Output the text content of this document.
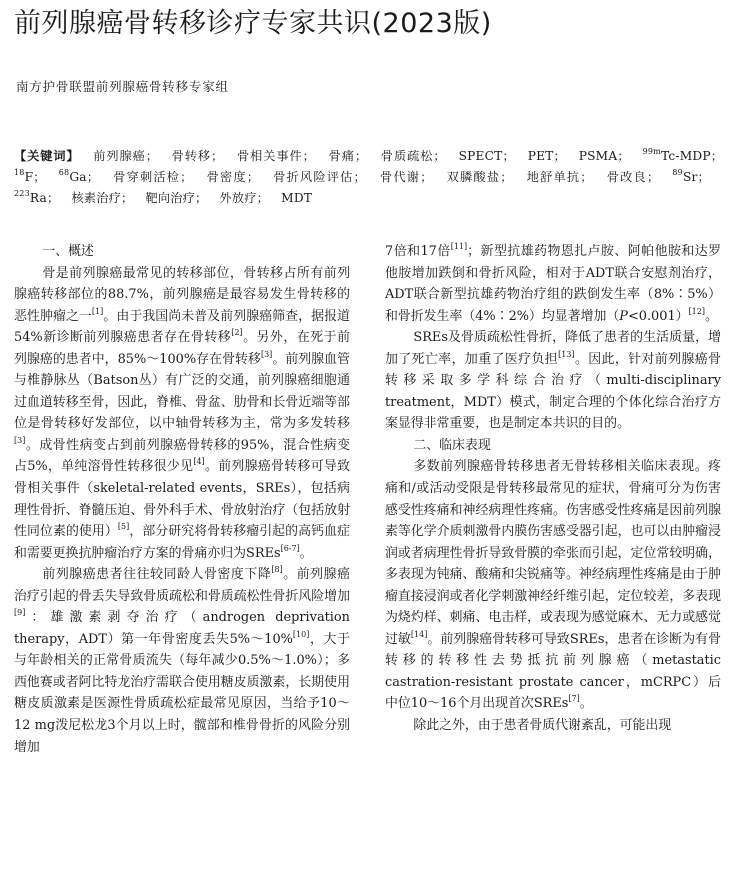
前列腺癌骨转移诊疗专家共识(2023版)
南方护骨联盟前列腺癌骨转移专家组
【关键词】 前列腺癌； 骨转移； 骨相关事件； 骨痛； 骨质疏松； SPECT； PET； PSMA； $^{99m}$Tc-MDP； $^{18}$F； $^{68}$Ga； 骨穿刺活检； 骨密度； 骨折风险评估； 骨代谢； 双膦酸盐； 地舒单抗； 骨改良； $^{89}$Sr； $^{223}$Ra； 核素治疗； 靶向治疗； 外放疗； MDT
一、概述

骨是前列腺癌最常见的转移部位，骨转移占所有前列腺癌转移部位的88.7%，前列腺癌是最容易发生骨转移的恶性肿瘤之一[1]。由于我国尚未普及前列腺癌筛查，据报道54%新诊断前列腺癌患者存在骨转移[2]。另外，在死于前列腺癌的患者中，85%～100%存在骨转移[3]。前列腺血管与椎静脉丛（Batson丛）有广泛的交通，前列腺癌细胞通过血道转移至骨，因此，脊椎、骨盆、肋骨和长骨近端等部位是骨转移好发部位，以中轴骨转移为主，常为多发转移[3]。成骨性病变占到前列腺癌骨转移的95%，混合性病变占5%，单纯溶骨性转移很少见[4]。前列腺癌骨转移可导致骨相关事件（skeletal-related events，SREs），包括病理性骨折、脊髓压迫、骨外科手术、骨放射治疗（包括放射性同位素的使用）[5]，部分研究将骨转移瘤引起的高钙血症和需要更换抗肿瘤治疗方案的骨痛亦归为SREs[6-7]。

前列腺癌患者往往较同龄人骨密度下降[8]。前列腺癌治疗引起的骨丢失导致骨质疏松和骨质疏松性骨折风险增加[9]：雄激素剥夺治疗（androgen deprivation therapy，ADT）第一年骨密度丢失5%～10%[10]，大于与年龄相关的正常骨质流失（每年减少0.5%～1.0%）；多西他赛或者阿比特龙治疗需联合使用糖皮质激素，长期使用糖皮质激素是医源性骨质疏松症最常见原因，当给予10～12 mg泼尼松龙3个月以上时，髋部和椎骨骨折的风险分别增加

7倍和17倍[11]；新型抗雄药物恩扎卢胺、阿帕他胺和达罗他胺增加跌倒和骨折风险，相对于ADT联合安慰剂治疗，ADT联合新型抗雄药物治疗组的跌倒发生率（8%∶5%）和骨折发生率（4%∶2%）均显著增加（P<0.001）[12]。

SREs及骨质疏松性骨折，降低了患者的生活质量，增加了死亡率，加重了医疗负担[13]。因此，针对前列腺癌骨转移采取多学科综合治疗（multi-disciplinary treatment，MDT）模式，制定合理的个体化综合治疗方案显得非常重要，也是制定本共识的目的。

二、临床表现

多数前列腺癌骨转移患者无骨转移相关临床表现。疼痛和/或活动受限是骨转移最常见的症状，骨痛可分为伤害感受性疼痛和神经病理性疼痛。伤害感受性疼痛是因前列腺素等化学介质刺激骨内膜伤害感受器引起，也可以由肿瘤浸润或者病理性骨折导致骨膜的牵张而引起，定位常较明确，多表现为钝痛、酸痛和尖锐痛等。神经病理性疼痛是由于肿瘤直接浸润或者化学刺激神经纤维引起，定位较差，多表现为烧灼样、刺痛、电击样，或表现为感觉麻木、无力或感觉过敏[14]。前列腺癌骨转移可导致SREs，患者在诊断为有骨转移的转移性去势抵抗前列腺癌（metastatic castration-resistant prostate cancer，mCRPC）后中位10～16个月出现首次SREs[7]。

除此之外，由于患者骨质代谢紊乱，可能出现
